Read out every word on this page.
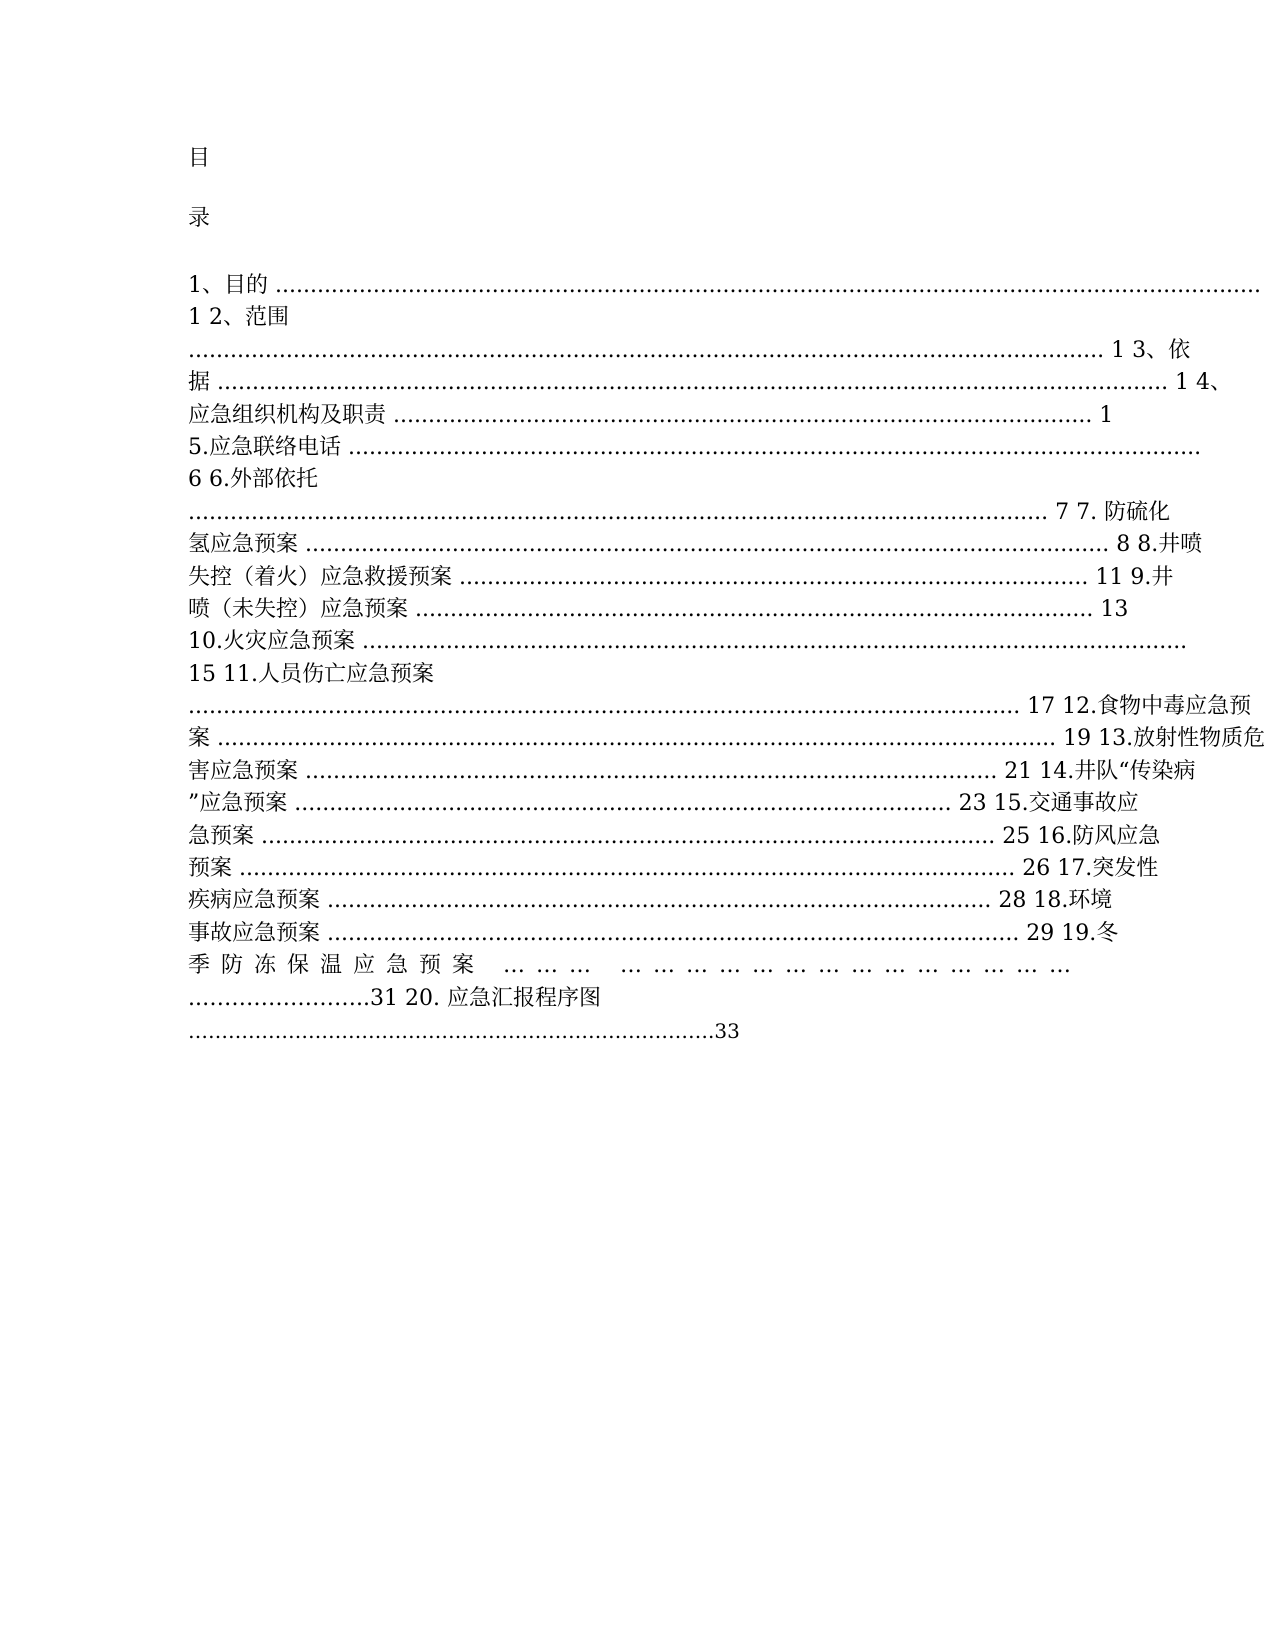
目
录
1、目的 .............................................................................................................................................
1 2、范围
................................................................................................................................... 1 3、依
据 ........................................................................................................................................ 1 4、
应急组织机构及职责 .................................................................................................... 1
5.应急联络电话 ..........................................................................................................................
6 6.外部依托
........................................................................................................................... 7 7. 防硫化
氢应急预案 ................................................................................................................... 8 8.井喷
失控（着火）应急救援预案 .......................................................................................... 11 9.井
喷（未失控）应急预案 ................................................................................................. 13
10.火灾应急预案 ......................................................................................................................
15 11.人员伤亡应急预案
....................................................................................................................... 17 12.食物中毒应急预
案 ........................................................................................................................ 19 13.放射性物质危
害应急预案 ................................................................................................... 21 14.井队“传染病
”应急预案 .............................................................................................. 23 15.交通事故应
急预案 ......................................................................................................... 25 16.防风应急
预案 ............................................................................................................... 26 17.突发性
疾病应急预案 ............................................................................................... 28 18.环境
事故应急预案 ................................................................................................... 29 19.冬
季防冻保温应急预案 ……… ……………………………………
..…………………..31 20. 应急汇报程序图
…………………………………………………………………….33
